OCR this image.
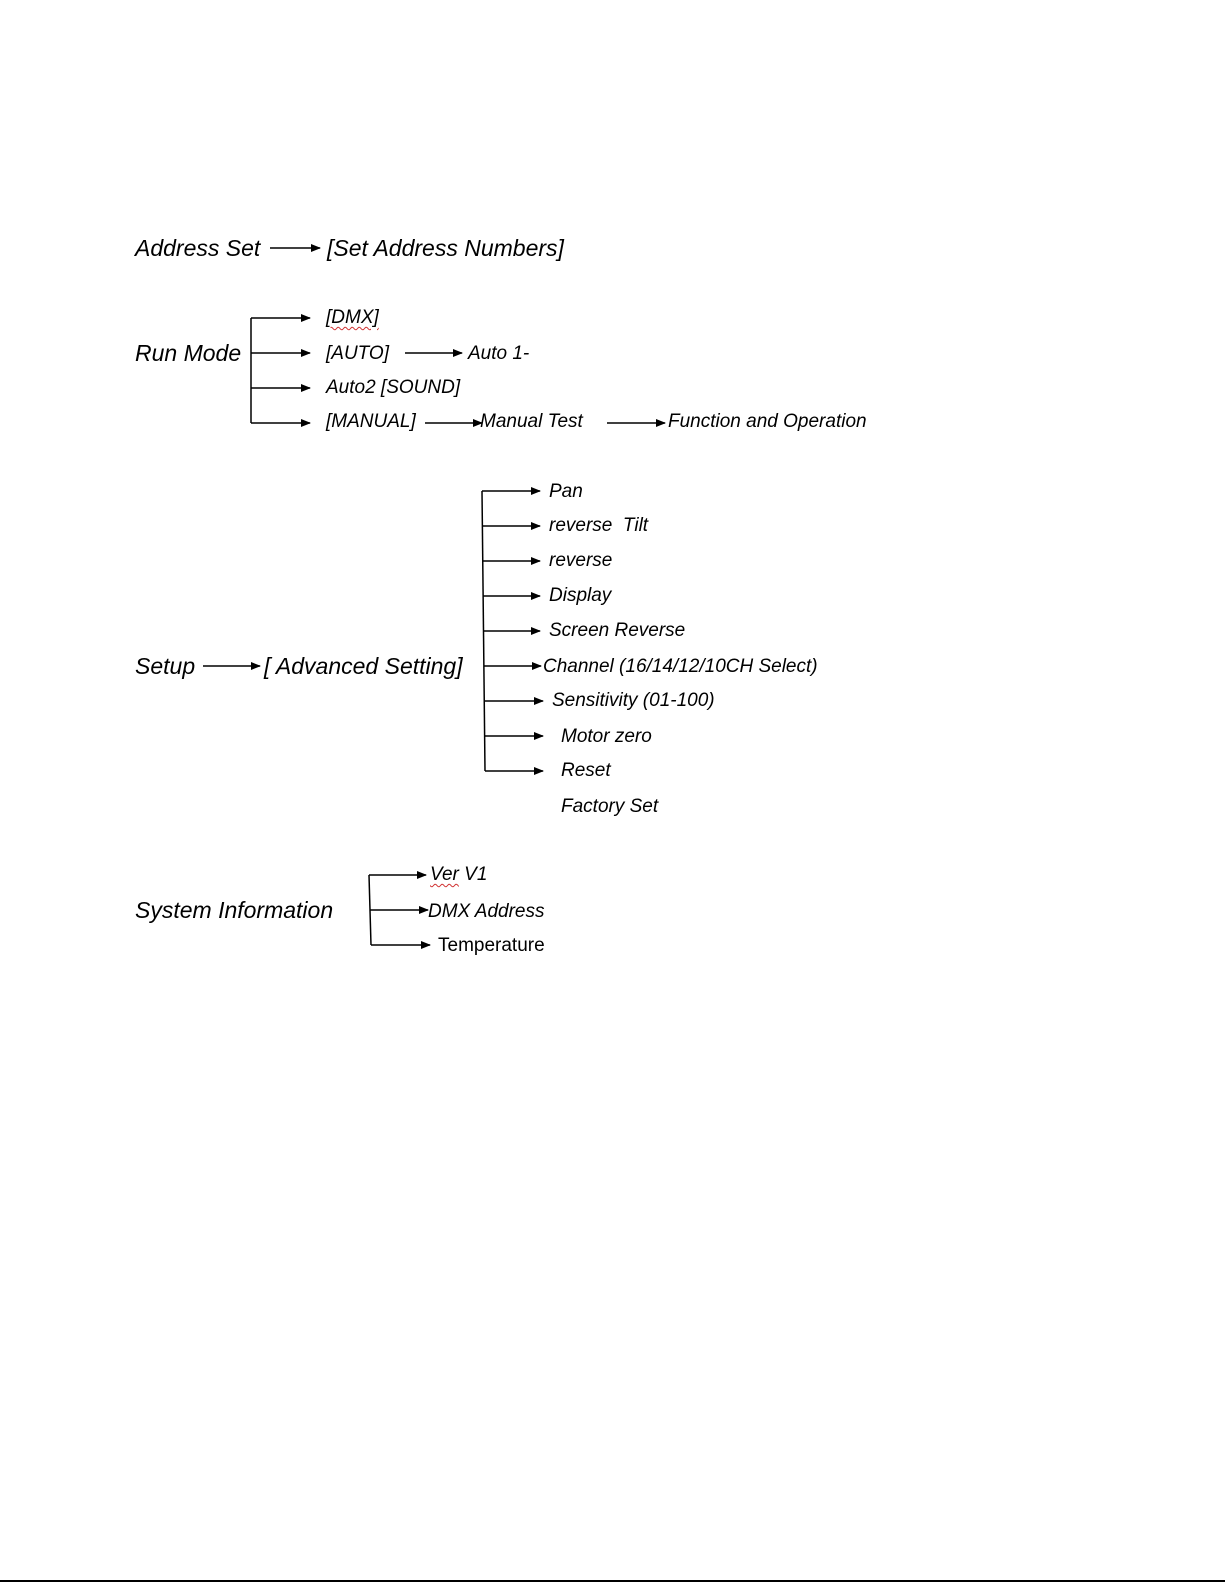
Address Set	[Set Address Numbers]
Run Mode
[DMX]
[AUTO]	Auto 1-
Auto2 [SOUND]
[MANUAL]	Manual Test	Function and Operation
Setup	[ Advanced Setting]
Pan
reverse  Tilt
reverse
Display
Screen Reverse
Channel (16/14/12/10CH Select)
Sensitivity (01-100)
Motor zero
Reset
Factory Set
System Information
Ver V1
DMX Address
Temperature
